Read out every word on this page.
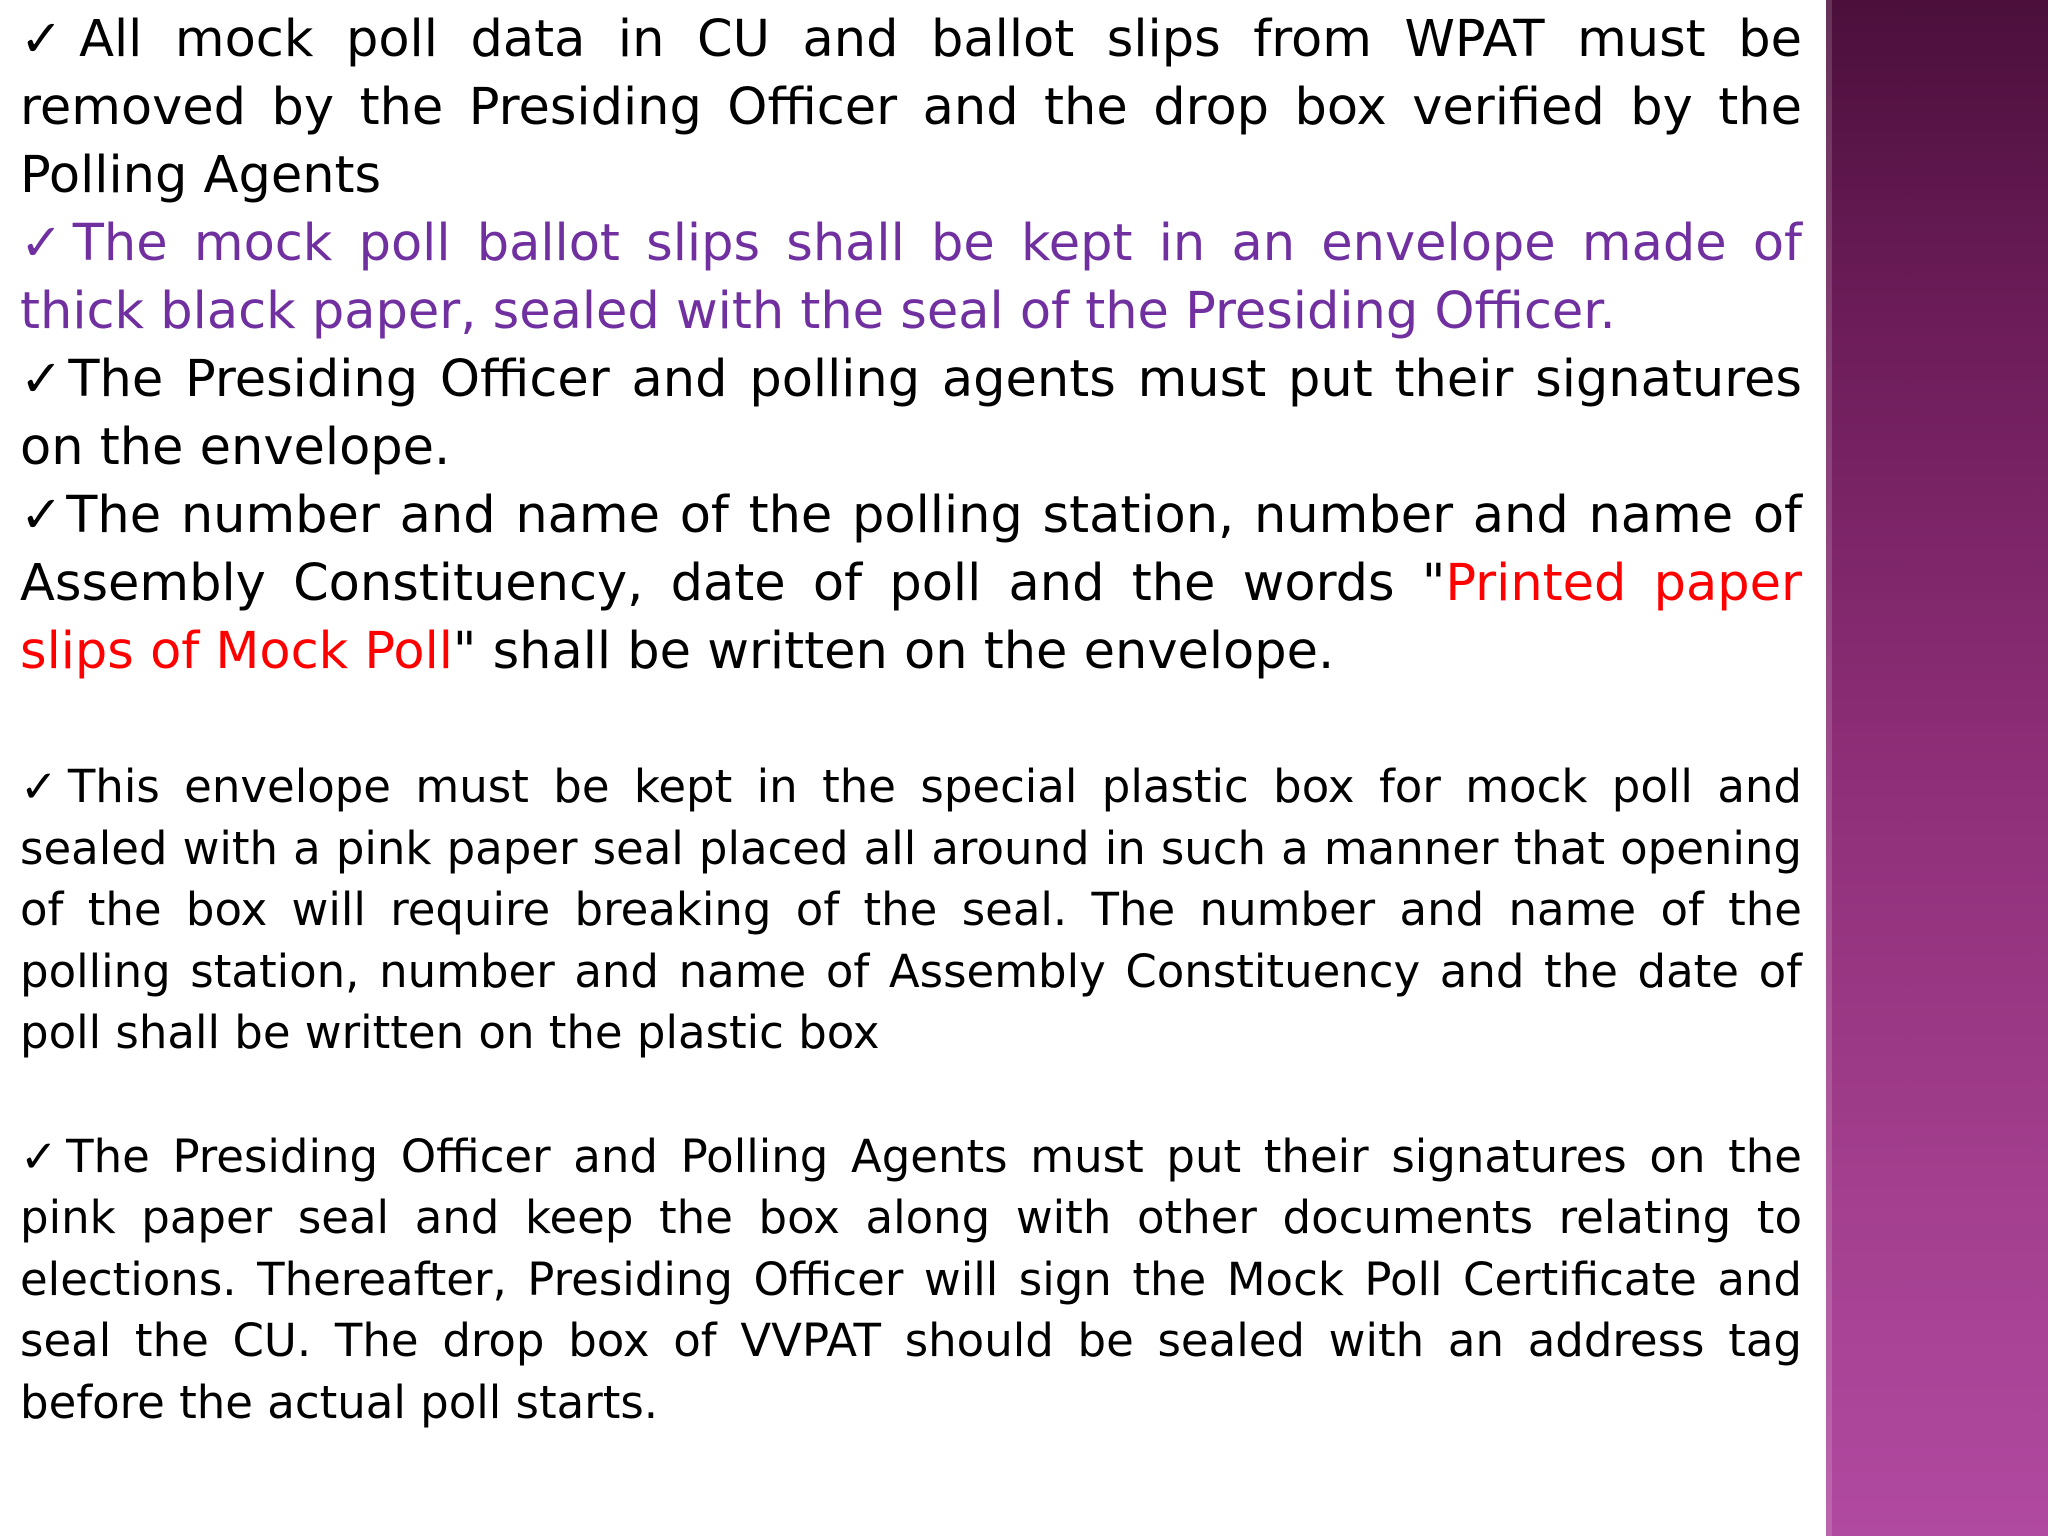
✓All mock poll data in CU and ballot slips from WPAT must be removed by the Presiding Officer and the drop box verified by the Polling Agents

✓The mock poll ballot slips shall be kept in an envelope made of thick black paper, sealed with the seal of the Presiding Officer.

✓The Presiding Officer and polling agents must put their signatures on the envelope.

✓The number and name of the polling station, number and name of Assembly Constituency, date of poll and the words "Printed paper slips of Mock Poll" shall be written on the envelope.

✓This envelope must be kept in the special plastic box for mock poll and sealed with a pink paper seal placed all around in such a manner that opening of the box will require breaking of the seal. The number and name of the polling station, number and name of Assembly Constituency and the date of poll shall be written on the plastic box

✓The Presiding Officer and Polling Agents must put their signatures on the pink paper seal and keep the box along with other documents relating to elections. Thereafter, Presiding Officer will sign the Mock Poll Certificate and seal the CU. The drop box of VVPAT should be sealed with an address tag before the actual poll starts.
